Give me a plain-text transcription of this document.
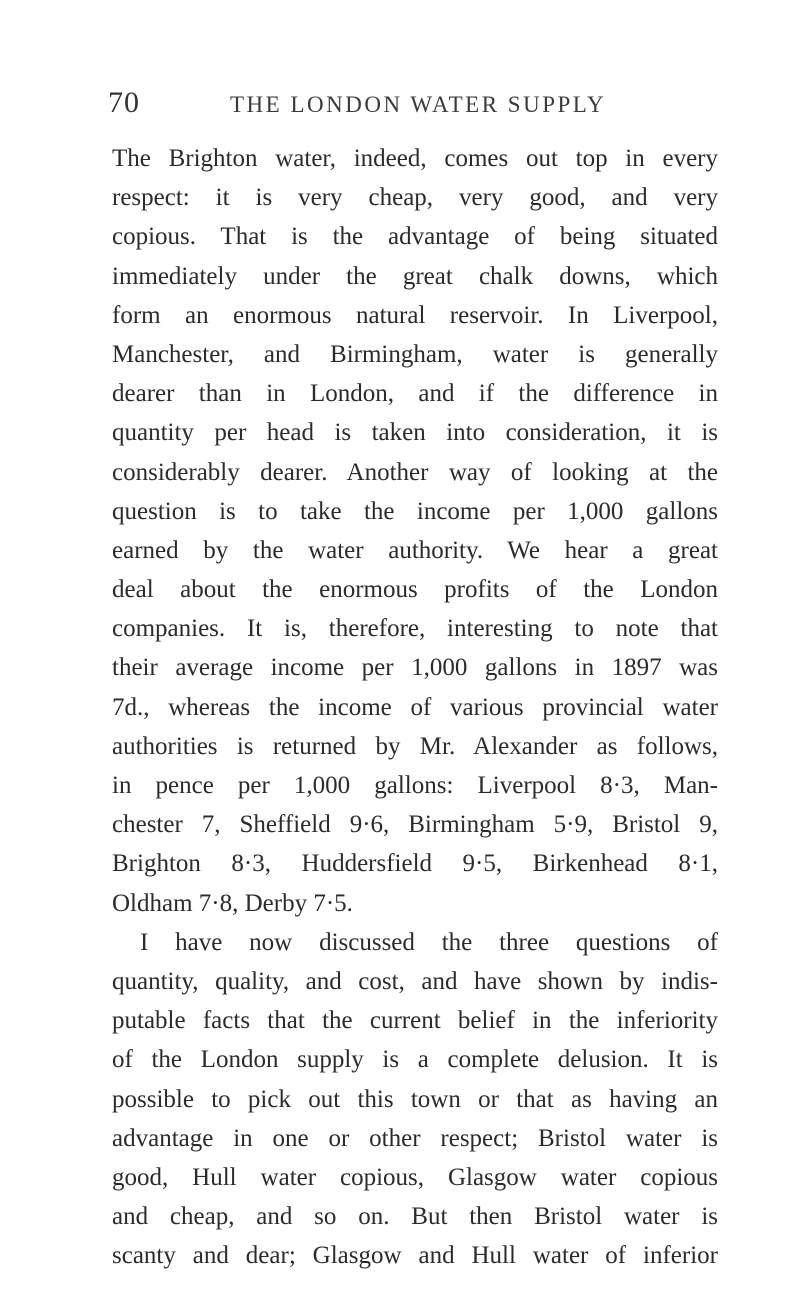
70	THE LONDON WATER SUPPLY
The Brighton water, indeed, comes out top in every
respect: it is very cheap, very good, and very
copious. That is the advantage of being situated
immediately under the great chalk downs, which
form an enormous natural reservoir. In Liverpool,
Manchester, and Birmingham, water is generally
dearer than in London, and if the difference in
quantity per head is taken into consideration, it is
considerably dearer. Another way of looking at the
question is to take the income per 1,000 gallons
earned by the water authority. We hear a great
deal about the enormous profits of the London
companies. It is, therefore, interesting to note that
their average income per 1,000 gallons in 1897 was
7d., whereas the income of various provincial water
authorities is returned by Mr. Alexander as follows,
in pence per 1,000 gallons: Liverpool 8·3, Man-
chester 7, Sheffield 9·6, Birmingham 5·9, Bristol 9,
Brighton 8·3, Huddersfield 9·5, Birkenhead 8·1,
Oldham 7·8, Derby 7·5.
I have now discussed the three questions of
quantity, quality, and cost, and have shown by indis-
putable facts that the current belief in the inferiority
of the London supply is a complete delusion. It is
possible to pick out this town or that as having an
advantage in one or other respect; Bristol water is
good, Hull water copious, Glasgow water copious
and cheap, and so on. But then Bristol water is
scanty and dear; Glasgow and Hull water of inferior
